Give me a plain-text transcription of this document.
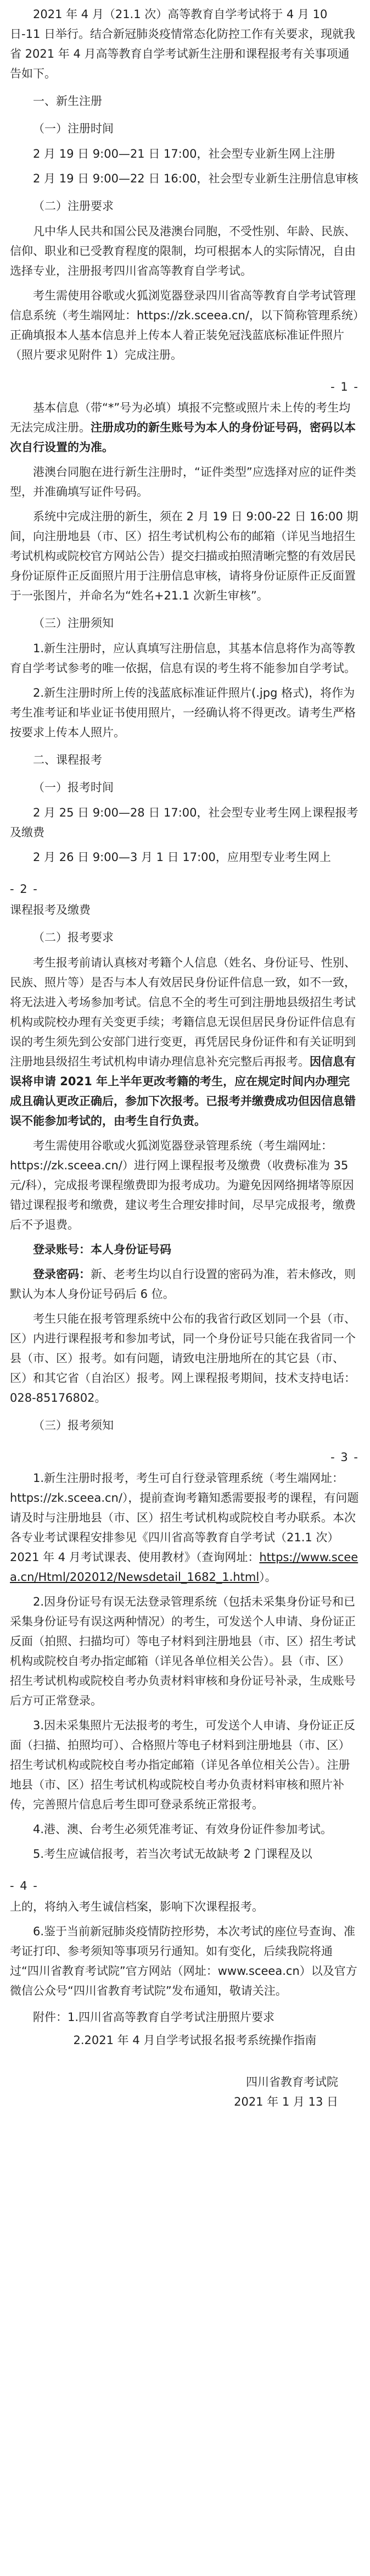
2021 年 4 月（21.1 次）高等教育自学考试将于 4 月 10 日-11 日举行。结合新冠肺炎疫情常态化防控工作有关要求，现就我省 2021 年 4 月高等教育自学考试新生注册和课程报考有关事项通告如下。

一、新生注册

（一）注册时间

2 月 19 日 9:00—21 日 17:00，社会型专业新生网上注册

2 月 19 日 9:00—22 日 16:00，社会型专业新生注册信息审核

（二）注册要求

凡中华人民共和国公民及港澳台同胞，不受性别、年龄、民族、信仰、职业和已受教育程度的限制，均可根据本人的实际情况，自由选择专业，注册报考四川省高等教育自学考试。

考生需使用谷歌或火狐浏览器登录四川省高等教育自学考试管理信息系统（考生端网址：https://zk.sceea.cn/，以下简称管理系统）正确填报本人基本信息并上传本人着正装免冠浅蓝底标准证件照片（照片要求见附件 1）完成注册。

- 1 -

基本信息（带“*”号为必填）填报不完整或照片未上传的考生均无法完成注册。注册成功的新生账号为本人的身份证号码，密码以本次自行设置的为准。

港澳台同胞在进行新生注册时，“证件类型”应选择对应的证件类型，并准确填写证件号码。

系统中完成注册的新生，须在 2 月 19 日 9:00-22 日 16:00 期间，向注册地县（市、区）招生考试机构公布的邮箱（详见当地招生考试机构或院校官方网站公告）提交扫描或拍照清晰完整的有效居民身份证原件正反面照片用于注册信息审核，请将身份证原件正反面置于一张图片，并命名为“姓名+21.1 次新生审核”。

（三）注册须知

1.新生注册时，应认真填写注册信息，其基本信息将作为高等教育自学考试参考的唯一依据，信息有误的考生将不能参加自学考试。

2.新生注册时所上传的浅蓝底标准证件照片(.jpg 格式)，将作为考生准考证和毕业证书使用照片，一经确认将不得更改。请考生严格按要求上传本人照片。

二、课程报考

（一）报考时间

2 月 25 日 9:00—28 日 17:00，社会型专业考生网上课程报考及缴费

2 月 26 日 9:00—3 月 1 日 17:00，应用型专业考生网上

- 2 -

课程报考及缴费

（二）报考要求

考生报考前请认真核对考籍个人信息（姓名、身份证号、性别、民族、照片等）是否与本人有效居民身份证件信息一致，如不一致，将无法进入考场参加考试。信息不全的考生可到注册地县级招生考试机构或院校办理有关变更手续；考籍信息无误但居民身份证件信息有误的考生须先到公安部门进行变更，再凭居民身份证件和有关证明到注册地县级招生考试机构申请办理信息补充完整后再报考。因信息有误将申请 2021 年上半年更改考籍的考生，应在规定时间内办理完成且确认更改正确后，参加下次报考。已报考并缴费成功但因信息错误不能参加考试的，由考生自行负责。

考生需使用谷歌或火狐浏览器登录管理系统（考生端网址：https://zk.sceea.cn/）进行网上课程报考及缴费（收费标准为 35 元/科），完成报考课程缴费即为报考成功。为避免因网络拥堵等原因错过课程报考和缴费，建议考生合理安排时间，尽早完成报考，缴费后不予退费。

登录账号：本人身份证号码

登录密码：新、老考生均以自行设置的密码为准，若未修改，则默认为本人身份证号码后 6 位。

考生只能在报考管理系统中公布的我省行政区划同一个县（市、区）内进行课程报考和参加考试，同一个身份证号只能在我省同一个县（市、区）报考。如有问题，请致电注册地所在的其它县（市、区）和其它省（自治区）报考。网上课程报考期间，技术支持电话：028-85176802。

（三）报考须知

- 3 -

1.新生注册时报考，考生可自行登录管理系统（考生端网址：https://zk.sceea.cn/），提前查询考籍知悉需要报考的课程，有问题请及时与注册地县（市、区）招生考试机构或院校自考办联系。本次各专业考试课程安排参见《四川省高等教育自学考试（21.1 次）2021 年 4 月考试课表、使用教材》（查询网址：https://www.sceea.cn/Html/202012/Newsdetail_1682_1.html）。

2.因身份证号有误无法登录管理系统（包括未采集身份证号和已采集身份证号有误这两种情况）的考生，可发送个人申请、身份证正反面（拍照、扫描均可）等电子材料到注册地县（市、区）招生考试机构或院校自考办指定邮箱（详见各单位相关公告）。县（市、区）招生考试机构或院校自考办负责材料审核和身份证号补录，生成账号后方可正常登录。

3.因未采集照片无法报考的考生，可发送个人申请、身份证正反面（扫描、拍照均可）、合格照片等电子材料到注册地县（市、区）招生考试机构或院校自考办指定邮箱（详见各单位相关公告）。注册地县（市、区）招生考试机构或院校自考办负责材料审核和照片补传，完善照片信息后考生即可登录系统正常报考。

4.港、澳、台考生必须凭准考证、有效身份证件参加考试。

5.考生应诚信报考，若当次考试无故缺考 2 门课程及以

- 4 -

上的，将纳入考生诚信档案，影响下次课程报考。

6.鉴于当前新冠肺炎疫情防控形势，本次考试的座位号查询、准考证打印、参考须知等事项另行通知。如有变化，后续我院将通过“四川省教育考试院”官方网站（网址：www.sceea.cn）以及官方微信公众号“四川省教育考试院”发布通知，敬请关注。

附件：1.四川省高等教育自学考试注册照片要求

2.2021 年 4 月自学考试报名报考系统操作指南

四川省教育考试院

2021 年 1 月 13 日
